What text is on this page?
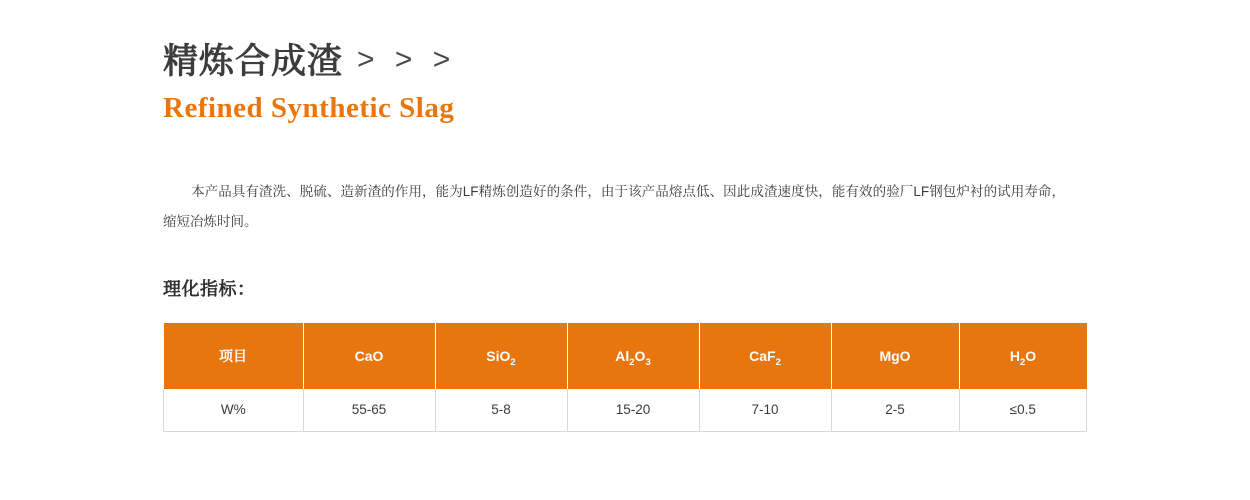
精炼合成渣 > > >
Refined Synthetic Slag
本产品具有渣洗、脱硫、造新渣的作用，能为LF精炼创造好的条件，由于该产品熔点低、因此成渣速度快，能有效的验厂LF钢包炉衬的试用寿命，缩短冶炼时间。
理化指标：
项目	CaO	SiO$_2$	$Al_2O_3$	CaF$_2$	MgO	$H_2O$
W%	55-65	5-8	15-20	7-10	2-5	≤0.5
